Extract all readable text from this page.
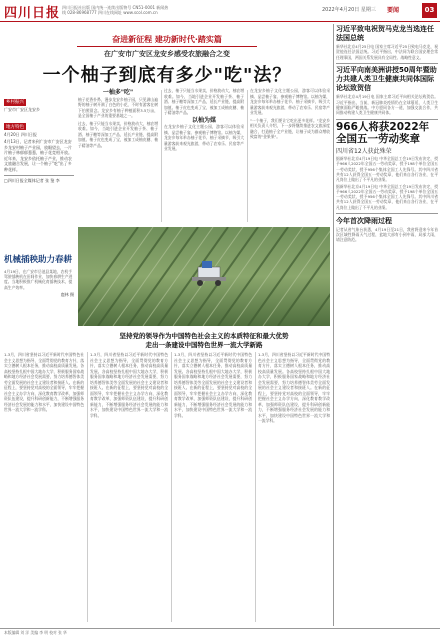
四川日报 四川日报社出版 国内统一连续出版物号 CN51-0001 新闻热线 028-86968777 四川在线网址 www.scol.com.cn	2022年4月20日 星期三 要闻	03
奋进新征程 建功新时代·踏实篇
在广安市广安区龙安乡感受农旅融合之变
一个柚子到底有多少"吃"法？
乡村振兴
广安市广安区龙安乡
地方特色
4月20日 四川日报
4月13日，记者来到广安市广安区龙安乡龙安村柚子产业园，放眼望去，一片片柚子林郁郁葱葱，柚子花竞相开放。近年来，龙安乡依托柚子产业，推动农文旅融合发展，让一个柚子"吃"出了多种花样。
□四川日报全媒体记者 张 鉴 李
一柚多"吃"
柚子花香扑鼻，漫步龙安乡柚子园，只见满山遍野的柚子树开满了白色的小花，不时有游客在树下拍照留念。龙安乡有柚子种植面积3.5万亩，是全国柚子产业的重要基地之一。
过去，柚子只能当水果卖，价格波动大，柚农增收难。如今，当地引进企业开发柚子茶、柚子酒、柚子糖等深加工产品，延长产业链，提高附加值。柚子皮也变成了宝，被加工成柚皮糖、柚子精油等产品。
过去，柚子只能当水果卖，价格波动大，柚农增收难。如今，当地引进企业开发柚子茶、柚子酒、柚子糖等深加工产品，延长产业链，提高附加值。柚子皮也变成了宝，被加工成柚皮糖、柚子精油等产品。
以柚为媒
在龙安乡柚子文化主题公园，游客可以体验采摘、品尝柚子宴、参观柚子博物馆。以柚为媒，龙安乡每年举办柚子花节、柚子采摘节，吸引大量游客前来观光旅游，带动了农家乐、民宿等产业发展。
在龙安乡柚子文化主题公园，游客可以体验采摘、品尝柚子宴、参观柚子博物馆。以柚为媒，龙安乡每年举办柚子花节、柚子采摘节，吸引大量游客前来观光旅游，带动了农家乐、民宿等产业发展。
"一个柚子，我们要让它吃出更多花样。"龙安乡相关负责人介绍，下一步将继续推进农文旅深度融合，打造柚子全产业链，让柚子成为群众增收致富的"金果果"。
机械插秧助力春耕
4月19日，在广安市岳池县某地，农机手驾驶插秧机在田间作业，加快春耕生产进度。当地积极推广机械化育插秧技术，提高生产效率。
鹿林 摄
坚持党的领导作为中国特色社会主义的本质特征和最大优势
走出一条建设中国特色世界一流大学新路
1-3月，四川省坚持以习近平新时代中国特色社会主义思想为指导，全面贯彻党的教育方针，落实立德树人根本任务，推动高校高质量发展。各高校坚持扎根中国大地办大学，积极服务国家战略和地方经济社会发展需要，努力培养德智体美劳全面发展的社会主义建设者和接班人。在新的征程上，要坚持党对高校的全面领导，牢牢把握社会主义办学方向，深化教育教学改革，加强师资队伍建设，提升科研创新能力，不断增强服务经济社会发展的能力和水平，加快建设中国特色世界一流大学和一流学科。
1-3月，四川省坚持以习近平新时代中国特色社会主义思想为指导，全面贯彻党的教育方针，落实立德树人根本任务，推动高校高质量发展。各高校坚持扎根中国大地办大学，积极服务国家战略和地方经济社会发展需要，努力培养德智体美劳全面发展的社会主义建设者和接班人。在新的征程上，要坚持党对高校的全面领导，牢牢把握社会主义办学方向，深化教育教学改革，加强师资队伍建设，提升科研创新能力，不断增强服务经济社会发展的能力和水平，加快建设中国特色世界一流大学和一流学科。
1-3月，四川省坚持以习近平新时代中国特色社会主义思想为指导，全面贯彻党的教育方针，落实立德树人根本任务，推动高校高质量发展。各高校坚持扎根中国大地办大学，积极服务国家战略和地方经济社会发展需要，努力培养德智体美劳全面发展的社会主义建设者和接班人。在新的征程上，要坚持党对高校的全面领导，牢牢把握社会主义办学方向，深化教育教学改革，加强师资队伍建设，提升科研创新能力，不断增强服务经济社会发展的能力和水平，加快建设中国特色世界一流大学和一流学科。
1-3月，四川省坚持以习近平新时代中国特色社会主义思想为指导，全面贯彻党的教育方针，落实立德树人根本任务，推动高校高质量发展。各高校坚持扎根中国大地办大学，积极服务国家战略和地方经济社会发展需要，努力培养德智体美劳全面发展的社会主义建设者和接班人。在新的征程上，要坚持党对高校的全面领导，牢牢把握社会主义办学方向，深化教育教学改革，加强师资队伍建设，提升科研创新能力，不断增强服务经济社会发展的能力和水平，加快建设中国特色世界一流大学和一流学科。
习近平致电祝贺马克龙当选连任法国总统
新华社北京4月25日电 国家主席习近平25日致电马克龙，祝贺他连任法国总统。习近平指出，中法同为联合国安理会常任理事国，两国关系发展具有全局性、战略性意义。
习近平向南美洲讲授50周年暨助力共建人类卫生健康共同体国际论坛致贺信
新华社北京4月19日电 国家主席习近平向相关论坛致贺信。习近平指出，当前，新冠肺炎疫情仍在全球蔓延，人类卫生健康面临严峻挑战。中方愿同各方一道，加强交流合作，共同推动构建人类卫生健康共同体。
966人将获2022年全国五一劳动奖章
四川省12人获此殊荣
据新华社北京4月19日电 中华全国总工会19日发布决定，授予966人2022年全国五一劳动奖章，授予198个单位全国五一劳动奖状，授予956个集体全国工人先锋号。其中四川省共有12人获得全国五一劳动奖章，他们来自各行各业，在平凡岗位上做出了不平凡的业绩。
据新华社北京4月19日电 中华全国总工会19日发布决定，授予966人2022年全国五一劳动奖章，授予198个单位全国五一劳动奖状，授予956个集体全国工人先锋号。其中四川省共有12人获得全国五一劳动奖章，他们来自各行各业，在平凡岗位上做出了不平凡的业绩。
今年首次降雨过程
记者从省气象台获悉，4月19日至21日，我省将迎来今年首次区域性降雨天气过程，盆地大部有小到中雨，局部大雨，请注意防范。
本版编辑 刘 洋 美编 李 明 校对 张 华
